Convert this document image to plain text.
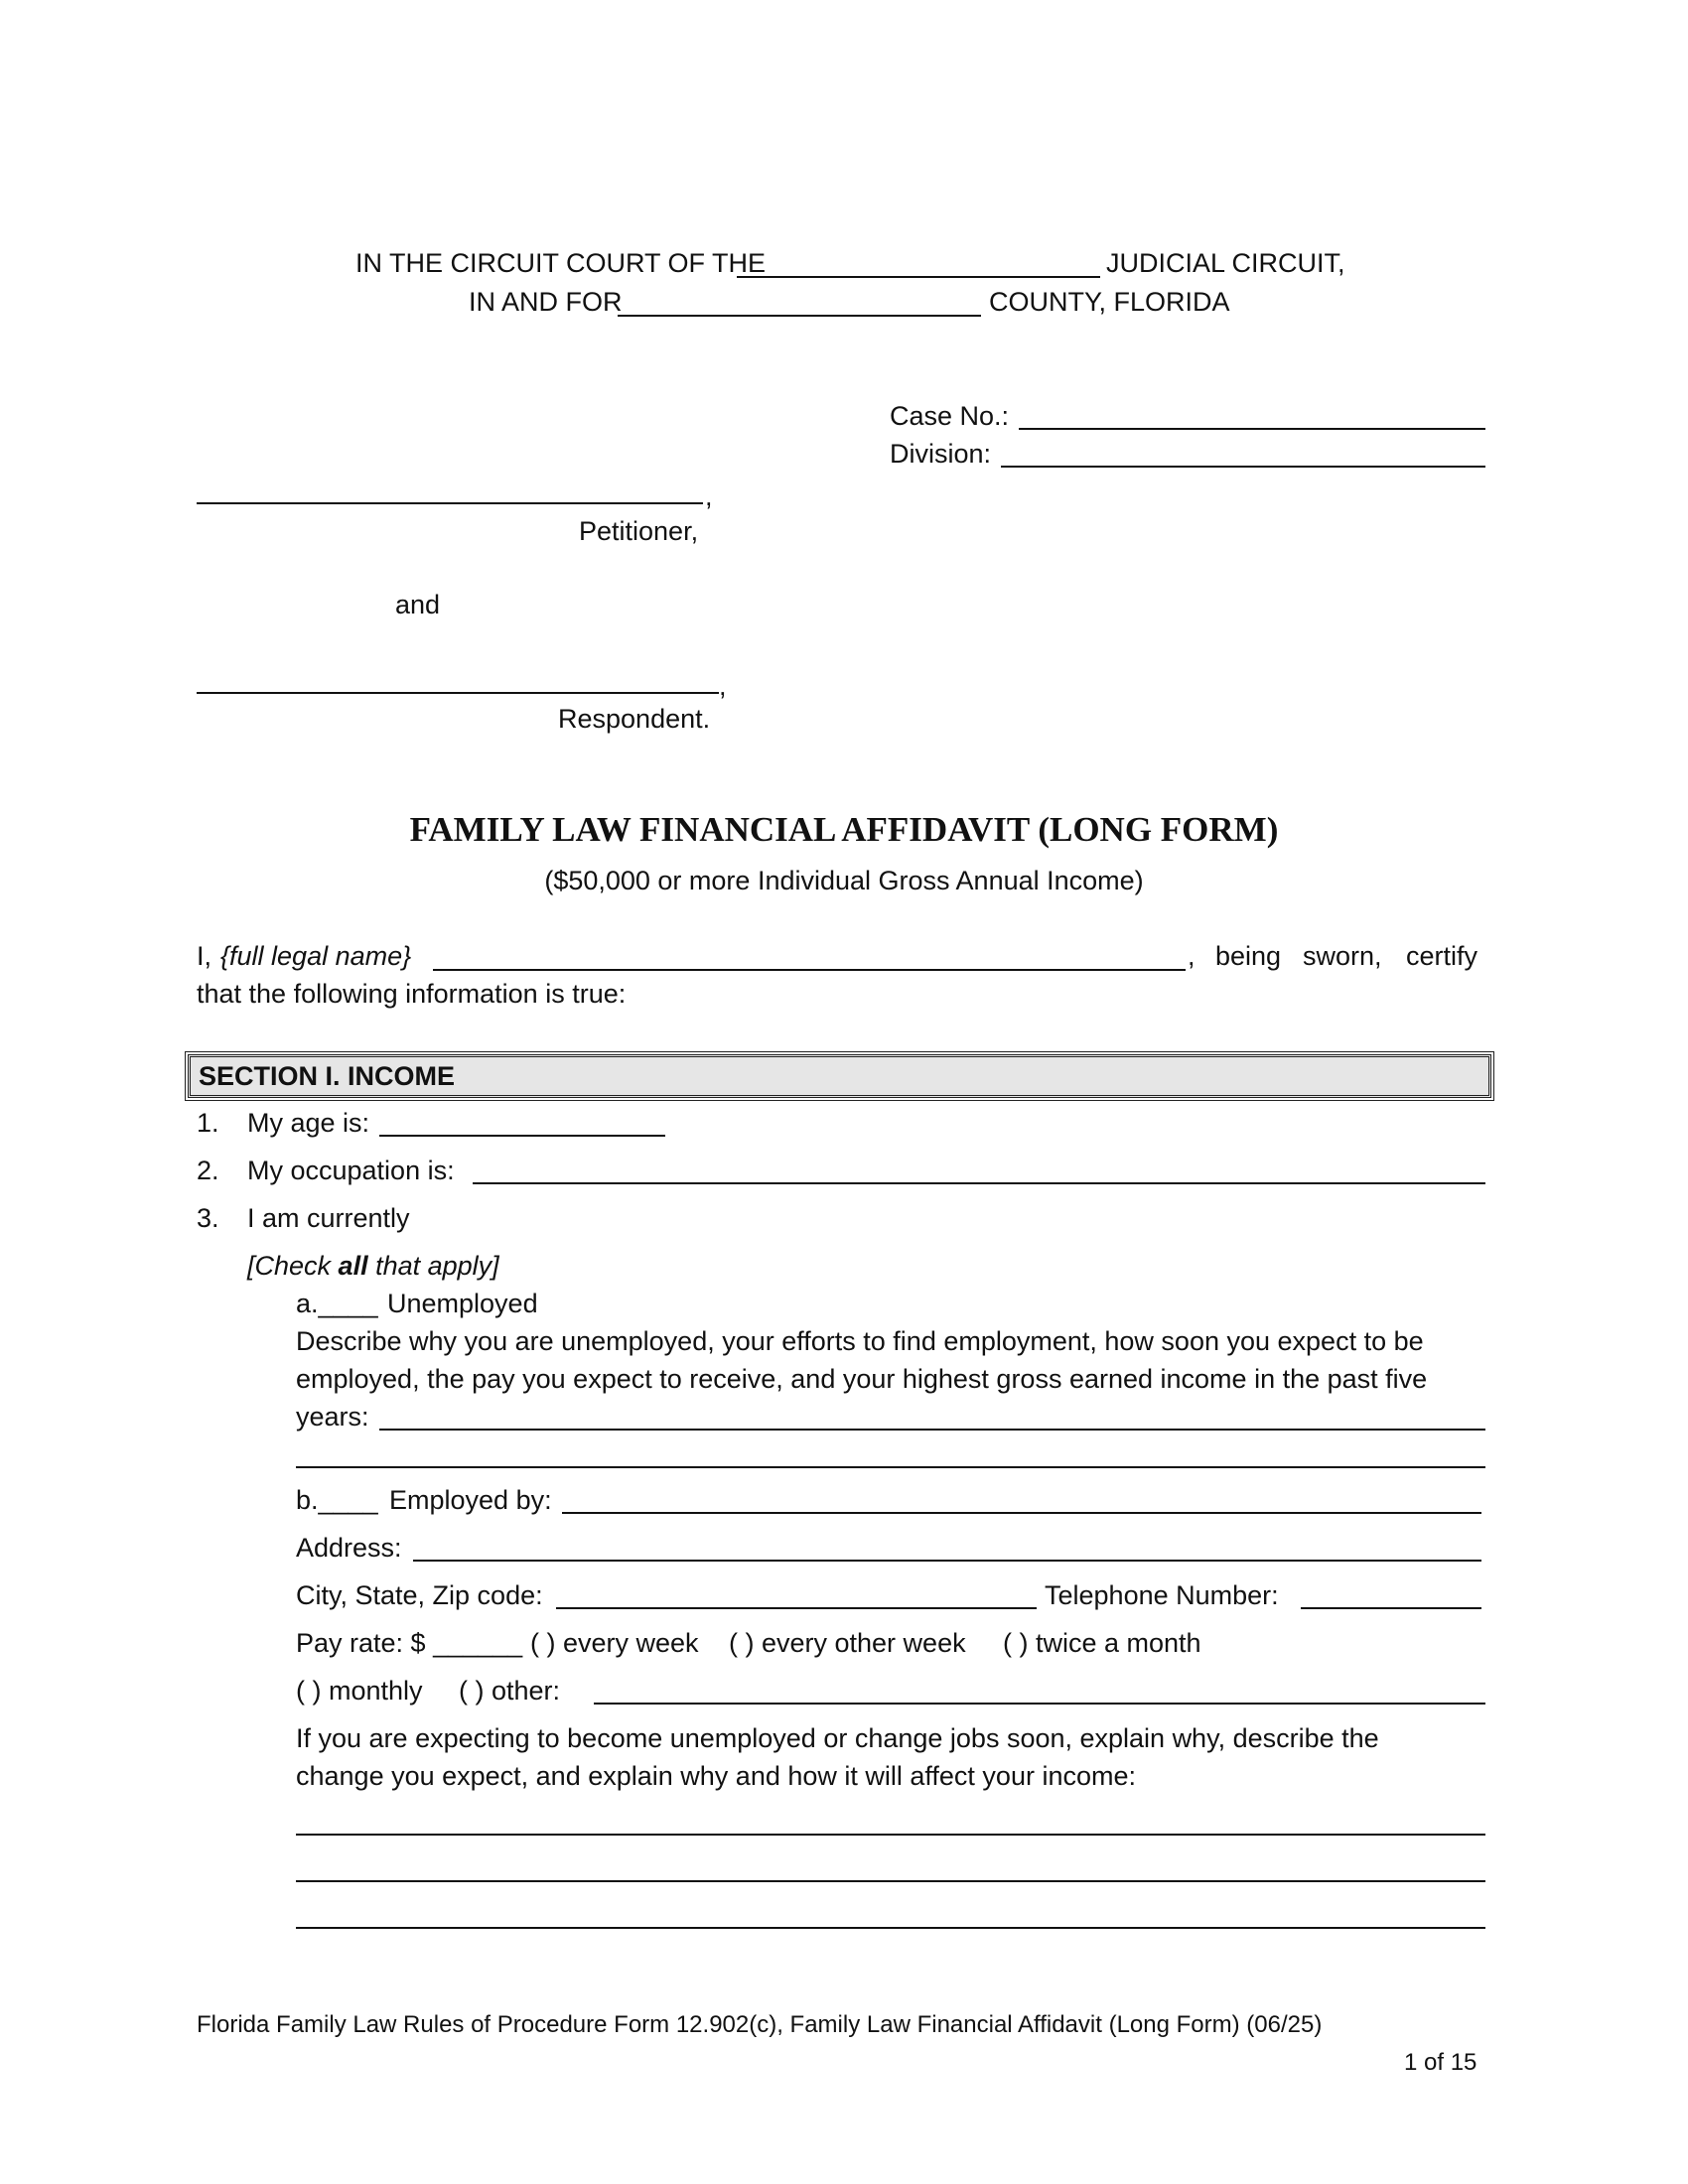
IN THE CIRCUIT COURT OF THE	JUDICIAL CIRCUIT,
IN AND FOR	COUNTY, FLORIDA
Case No.:
Division:
,
Petitioner,
and
,
Respondent.
FAMILY LAW FINANCIAL AFFIDAVIT (LONG FORM)
($50,000 or more Individual Gross Annual Income)
I, {full legal name}	, being sworn, certify
that the following information is true:
SECTION I. INCOME
1. My age is:
2. My occupation is:
3. I am currently
[Check all that apply]
a.____ Unemployed
Describe why you are unemployed, your efforts to find employment, how soon you expect to be
employed, the pay you expect to receive, and your highest gross earned income in the past five
years:
b.____ Employed by:
Address:
City, State, Zip code:	Telephone Number:
Pay rate: $ ______ ( ) every week ( ) every other week ( ) twice a month
( ) monthly ( ) other:
If you are expecting to become unemployed or change jobs soon, explain why, describe the
change you expect, and explain why and how it will affect your income:
Florida Family Law Rules of Procedure Form 12.902(c), Family Law Financial Affidavit (Long Form) (06/25)
1 of 15
